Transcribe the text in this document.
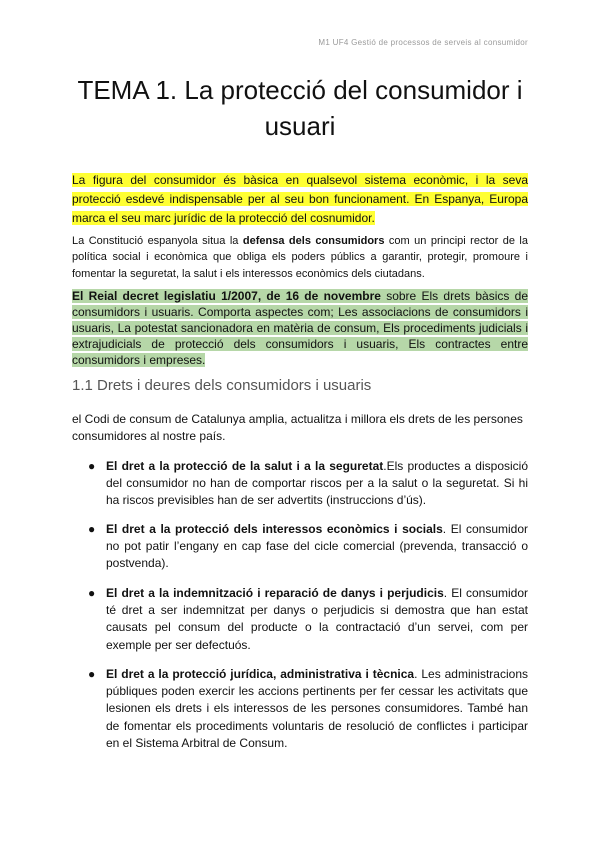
M1 UF4 Gestió de processos de serveis al consumidor
TEMA 1. La protecció del consumidor i usuari
La figura del consumidor és bàsica en qualsevol sistema econòmic, i la seva protecció esdevé indispensable per al seu bon funcionament. En Espanya, Europa marca el seu marc jurídic de la protecció del cosnumidor.
La Constitució espanyola situa la defensa dels consumidors com un principi rector de la política social i econòmica que obliga els poders públics a garantir, protegir, promoure i fomentar la seguretat, la salut i els interessos econòmics dels ciutadans.
El Reial decret legislatiu 1/2007, de 16 de novembre sobre Els drets bàsics de consumidors i usuaris. Comporta aspectes com; Les associacions de consumidors i usuaris, La potestat sancionadora en matèria de consum, Els procediments judicials i extrajudicials de protecció dels consumidors i usuaris, Els contractes entre consumidors i empreses.
1.1 Drets i deures dels consumidors i usuaris
el Codi de consum de Catalunya amplia, actualitza i millora els drets de les persones consumidores al nostre país.
● El dret a la protecció de la salut i a la seguretat.Els productes a disposició del consumidor no han de comportar riscos per a la salut o la seguretat. Si hi ha riscos previsibles han de ser advertits (instruccions d’ús).
● El dret a la protecció dels interessos econòmics i socials. El consumidor no pot patir l’engany en cap fase del cicle comercial (prevenda, transacció o postvenda).
● El dret a la indemnització i reparació de danys i perjudicis. El consumidor té dret a ser indemnitzat per danys o perjudicis si demostra que han estat causats pel consum del producte o la contractació d’un servei, com per exemple per ser defectuós.
● El dret a la protecció jurídica, administrativa i tècnica. Les administracions públiques poden exercir les accions pertinents per fer cessar les activitats que lesionen els drets i els interessos de les persones consumidores. També han de fomentar els procediments voluntaris de resolució de conflictes i participar en el Sistema Arbitral de Consum.
